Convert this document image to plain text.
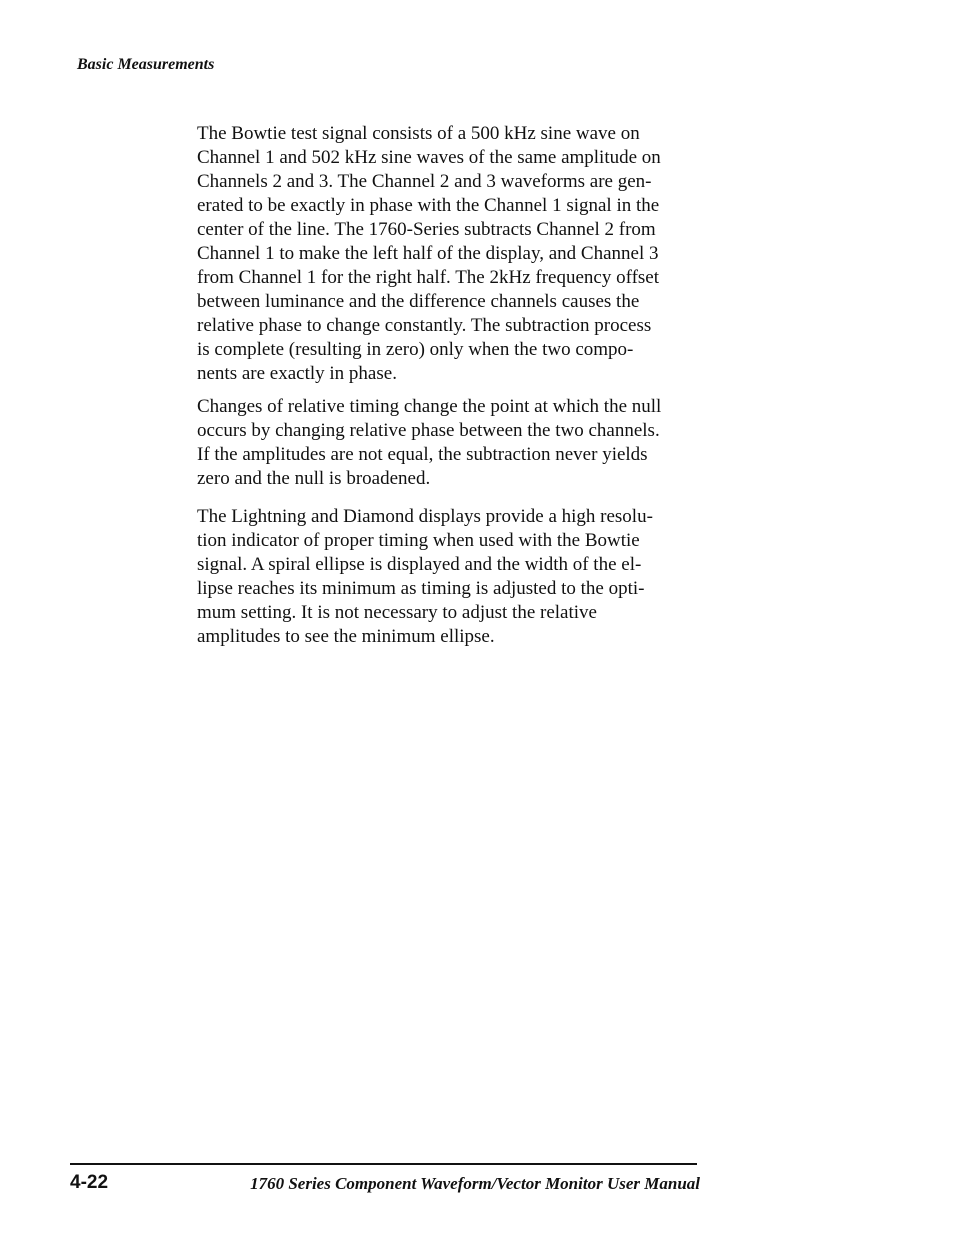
Basic Measurements

The Bowtie test signal consists of a 500 kHz sine wave on
Channel 1 and 502 kHz sine waves of the same amplitude on
Channels 2 and 3. The Channel 2 and 3 waveforms are gen-
erated to be exactly in phase with the Channel 1 signal in the
center of the line. The 1760-Series subtracts Channel 2 from
Channel 1 to make the left half of the display, and Channel 3
from Channel 1 for the right half. The 2kHz frequency offset
between luminance and the difference channels causes the
relative phase to change constantly. The subtraction process
is complete (resulting in zero) only when the two compo-
nents are exactly in phase.

Changes of relative timing change the point at which the null
occurs by changing relative phase between the two channels.
If the amplitudes are not equal, the subtraction never yields
zero and the null is broadened.

The Lightning and Diamond displays provide a high resolu-
tion indicator of proper timing when used with the Bowtie
signal. A spiral ellipse is displayed and the width of the el-
lipse reaches its minimum as timing is adjusted to the opti-
mum setting. It is not necessary to adjust the relative
amplitudes to see the minimum ellipse.

4-22	1760 Series Component Waveform/Vector Monitor User Manual
